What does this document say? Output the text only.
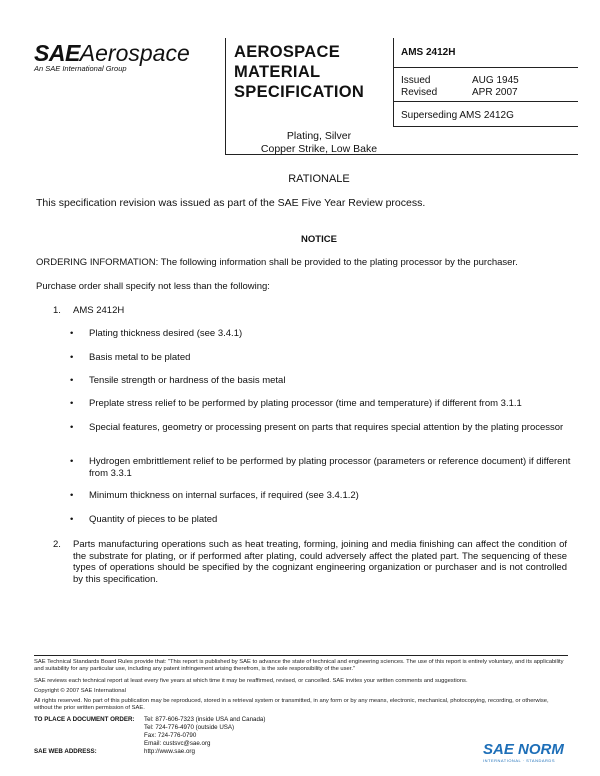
SAEAerospace
An SAE International Group
AEROSPACE
MATERIAL
SPECIFICATION
AMS 2412H
Issued	AUG 1945
Revised	APR 2007
Superseding AMS 2412G
Plating, Silver
Copper Strike, Low Bake
RATIONALE
This specification revision was issued as part of the SAE Five Year Review process.
NOTICE
ORDERING INFORMATION: The following information shall be provided to the plating processor by the purchaser.
Purchase order shall specify not less than the following:
1. AMS 2412H
• Plating thickness desired (see 3.4.1)
• Basis metal to be plated
• Tensile strength or hardness of the basis metal
• Preplate stress relief to be performed by plating processor (time and temperature) if different from 3.1.1
• Special features, geometry or processing present on parts that requires special attention by the plating processor
• Hydrogen embrittlement relief to be performed by plating processor (parameters or reference document) if different from 3.3.1
• Minimum thickness on internal surfaces, if required (see 3.4.1.2)
• Quantity of pieces to be plated
2. Parts manufacturing operations such as heat treating, forming, joining and media finishing can affect the condition of the substrate for plating, or if performed after plating, could adversely affect the plated part. The sequencing of these types of operations should be specified by the cognizant engineering organization or purchaser and is not controlled by this specification.
SAE Technical Standards Board Rules provide that: "This report is published by SAE to advance the state of technical and engineering sciences. The use of this report is entirely voluntary, and its applicability and suitability for any particular use, including any patent infringement arising therefrom, is the sole responsibility of the user."
SAE reviews each technical report at least every five years at which time it may be reaffirmed, revised, or cancelled. SAE invites your written comments and suggestions.
Copyright © 2007 SAE International
All rights reserved. No part of this publication may be reproduced, stored in a retrieval system or transmitted, in any form or by any means, electronic, mechanical, photocopying, recording, or otherwise, without the prior written permission of SAE.
TO PLACE A DOCUMENT ORDER: Tel: 877-606-7323 (inside USA and Canada)
Tel: 724-776-4970 (outside USA)
Fax: 724-776-0790
Email: custsvc@sae.org
SAE WEB ADDRESS:	http://www.sae.org	SAE NORM
INTERNATIONAL · STANDARDS
